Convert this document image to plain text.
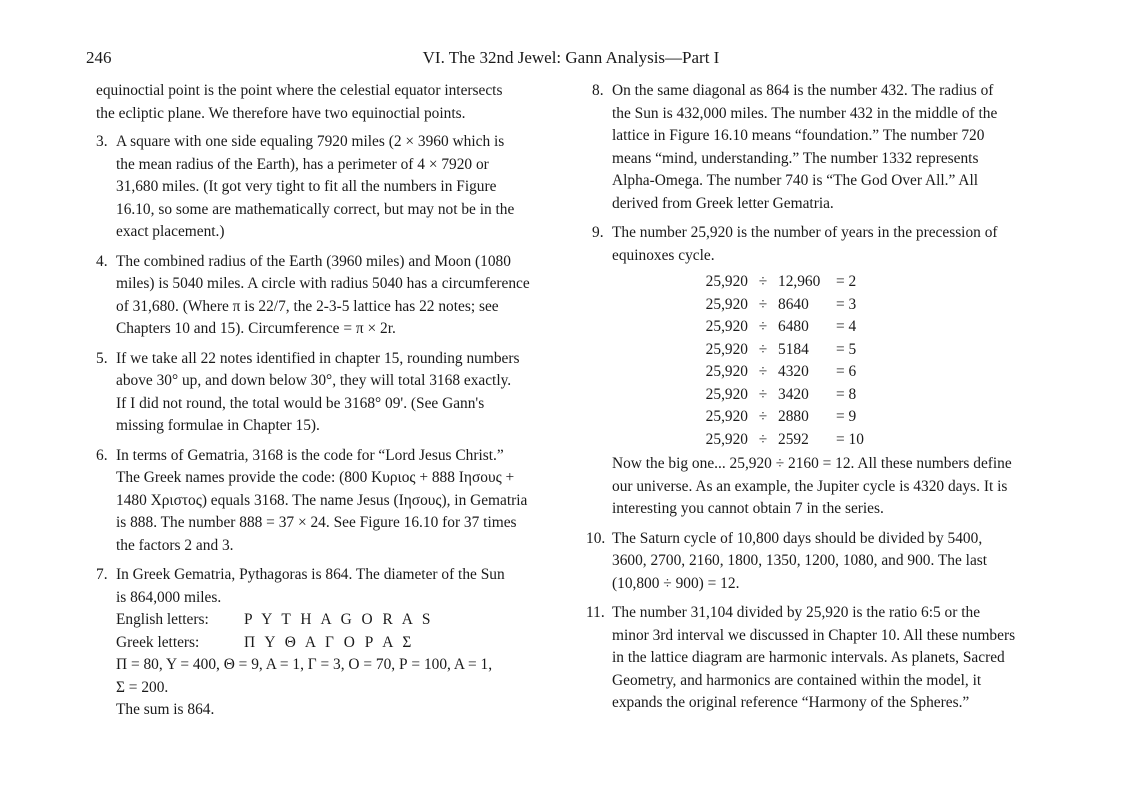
246	VI. The 32nd Jewel: Gann Analysis—Part I
equinoctial point is the point where the celestial equator intersects
the ecliptic plane. We therefore have two equinoctial points.
3. A square with one side equaling 7920 miles (2 × 3960 which is
the mean radius of the Earth), has a perimeter of 4 × 7920 or
31,680 miles. (It got very tight to fit all the numbers in Figure
16.10, so some are mathematically correct, but may not be in the
exact placement.)
4. The combined radius of the Earth (3960 miles) and Moon (1080
miles) is 5040 miles. A circle with radius 5040 has a circumference
of 31,680. (Where π is 22/7, the 2-3-5 lattice has 22 notes; see
Chapters 10 and 15). Circumference = π × 2r.
5. If we take all 22 notes identified in chapter 15, rounding numbers
above 30° up, and down below 30°, they will total 3168 exactly.
If I did not round, the total would be 3168° 09'. (See Gann's
missing formulae in Chapter 15).
6. In terms of Gematria, 3168 is the code for “Lord Jesus Christ.”
The Greek names provide the code: (800 Κυριος + 888 Ιησους +
1480 Χριστος) equals 3168. The name Jesus (Ιησους), in Gematria
is 888. The number 888 = 37 × 24. See Figure 16.10 for 37 times
the factors 2 and 3.
7. In Greek Gematria, Pythagoras is 864. The diameter of the Sun
is 864,000 miles.
English letters: P Y T H A G O R A S
Greek letters:	Π Υ Θ Α Γ Ο Ρ Α Σ
Π = 80, Υ = 400, Θ = 9, Α = 1, Γ = 3, Ο = 70, Ρ = 100, Α = 1,
Σ = 200.
The sum is 864.
8. On the same diagonal as 864 is the number 432. The radius of
the Sun is 432,000 miles. The number 432 in the middle of the
lattice in Figure 16.10 means “foundation.” The number 720
means “mind, understanding.” The number 1332 represents
Alpha-Omega. The number 740 is “The God Over All.” All
derived from Greek letter Gematria.
9. The number 25,920 is the number of years in the precession of
equinoxes cycle.
25,920	÷	12,960	= 2
25,920	÷	8640	= 3
25,920	÷	6480	= 4
25,920	÷	5184	= 5
25,920	÷	4320	= 6
25,920	÷	3420	= 8
25,920	÷	2880	= 9
25,920	÷	2592	= 10
Now the big one... 25,920 ÷ 2160 = 12. All these numbers define
our universe. As an example, the Jupiter cycle is 4320 days. It is
interesting you cannot obtain 7 in the series.
10. The Saturn cycle of 10,800 days should be divided by 5400,
3600, 2700, 2160, 1800, 1350, 1200, 1080, and 900. The last
(10,800 ÷ 900) = 12.
11. The number 31,104 divided by 25,920 is the ratio 6:5 or the
minor 3rd interval we discussed in Chapter 10. All these numbers
in the lattice diagram are harmonic intervals. As planets, Sacred
Geometry, and harmonics are contained within the model, it
expands the original reference “Harmony of the Spheres.”
